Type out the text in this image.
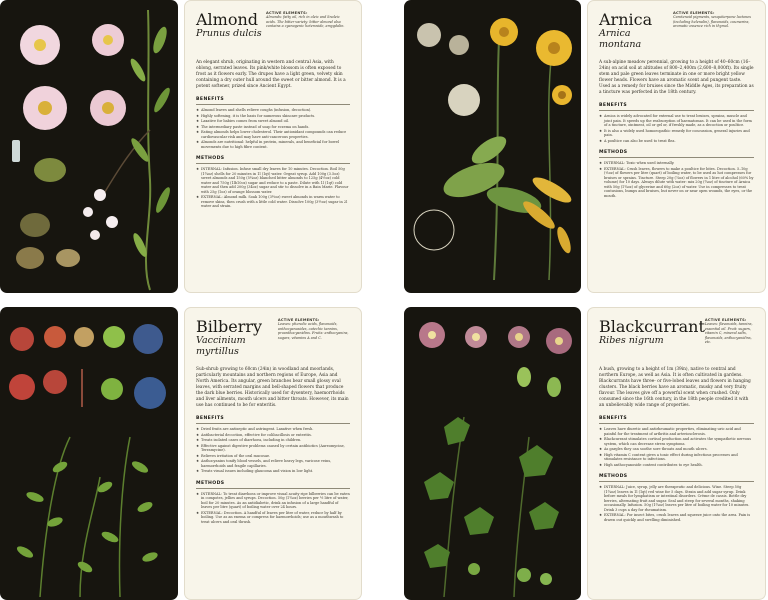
Almond
Prunus dulcis
ACTIVE ELEMENTS:
Almonds: fatty oil, rich in oleic and linoleic acids. The bitter variety: bitter almond also contains a cyanogenic heteroside, amygdalin.
An elegant shrub, originating in western and central Asia, with oblong, serrated leaves. Its pink/white blossom is often exposed to frost as it flowers early. The drupes have a light green, velvety skin containing a dry outer hull around the sweet or bitter almond. It is a potent softener, prized since Ancient Egypt.
BENEFITS
★ Almond leaves and shells relieve coughs (infusion, decoction).
★ Highly softening, it is the basis for numerous skincare products.
★ Laxative for babies comes from sweet almond oil.
★ The intermediary paste instead of soap for eczema on hands.
★ Eating almonds helps lower cholesterol. Their antioxidant compounds can reduce cardiovascular risk and may have anti-cancerous properties.
★ Almonds are nutritional: helpful in protein, minerals, and beneficial for bowel movements due to high fibre content.
METHODS
★ INTERNAL: Infusion. Infuse small dry leaves for 10 minutes. Decoction. Boil 50g (1¾oz) shells for 20 minutes in 1l (1qt) water. Orgeat syrup. Add 100g (3.5oz) sweet almonds and 150g (5¼oz) blanched bitter almonds to 125g (4½oz) cold water and 750g (1lb10oz) sugar and reduce to a paste. Dilute with 1l (1qt) cold water and then add 200g (34oz) sugar and stir to dissolve in a Bain Marie. Flavour with 25g (1oz) of orange blossom water.
★ EXTERNAL: Almond milk. Soak 100g (3½oz) sweet almonds in warm water to remove skins, then crush with a little cold water. Dissolve 100g (3½oz) sugar in 2l water and strain.
Arnica
Arnica montana
ACTIVE ELEMENTS:
Carotenoid pigments, sesquiterpene lactones (including helenalin), flavonoids, coumarins, aromatic essence rich in thymol.
A sub-alpine meadow perennial, growing to a height of 40–60cm (16–24in) on acid soil at altitudes of 800–2,400m (2,600–8,000ft). Its single stem and pale green leaves terminate in one or more bright yellow flower heads. Flowers have an aromatic scent and pungent taste. Used as a remedy for bruises since the Middle Ages, its preparation as a tincture was perfected in the 18th century.
BENEFITS
★ Arnica is widely advocated for external use to treat bruises, sprains, muscle and joint pain. It speeds up the reabsorption of haematomas. It can be used in the form of a tincture, ointment, oil or gel or, if freshly made, as a decoction or poultice.
★ It is also a widely used homoeopathic remedy for concussion, general injuries and pain.
★ A poultice can also be used to treat flea.
METHODS
★ INTERNAL: Toxic when used internally.
★ EXTERNAL: Crush leaves, flowers to make a poultice for bites. Decoction. 5–10g (⅛oz) of flowers per litre (quart) of boiling water, to be used as hot compresses for bruises or sprains. Tincture. Steep 20g (⅞oz) of flowers in 1 litre of alcohol (60% by volume) for 10 days. Always dilute with water: mix 20g (¾oz) of tincture of Arnica with 50g (1¾oz) of glycerine and 60g (2oz) of water. Use in compresses to treat contusions, bumps and bruises, but never on or near open wounds, the eyes, or the mouth.
Bilberry
Vaccinium myrtillus
ACTIVE ELEMENTS:
Leaves: phenolic acids, flavonoids, anthocyanosides, catechic tannins, proanthocyanidins. Fruits: anthocyanins, sugars, vitamins A and C.
Sub-shrub growing to 60cm (24in) in woodland and moorlands, particularly mountains and northern regions of Europe, Asia and North America. Its angular, green branches bear small glossy oval leaves, with serrated margins and bell-shaped flowers that produce the dark blue berries. Historically used for dysentery, haemorrhoids and liver ailments, mouth ulcers and bitter throats. However, its main use has continued to be for enteritis.
BENEFITS
★ Dried fruits are antiseptic and astringent. Laxative when fresh.
★ Antibacterial decoction, effective for colibacillosis or enteritis.
★ Treats isolated cases of diarrhoea, including in children.
★ Effective against digestive problems caused by certain antibiotics (Aureomycine, Terramycine).
★ Relieves irritation of the oral mucosae.
★ Anthocyanins tonify blood vessels, and relieve heavy legs, varicose veins, haemorrhoids and fragile capillaries.
★ Treats visual issues including glaucoma and vision in low light.
METHODS
★ INTERNAL: To treat diarrhoea or improve visual acuity ripe bilberries can be eaten in compotes, jellies and syrups. Decoction. 50g (1¾oz) berries per ½ litre of water, boil for 20 minutes. As an antidiabetic, drink an infusion of a large handful of leaves per litre (quart) of boiling water over 24 hours.
★ EXTERNAL: Decoction. A handful of leaves per litre of water, reduce by half by boiling. Use as an enema or compress for haemorrhoids; use as a mouthwash to treat ulcers and oral thrush.
Blackcurrant
Ribes nigrum
ACTIVE ELEMENTS:
Leaves: flavonoids, tannins, essential oil. Fruit: sugars, vitamin C, mineral salts, flavonoids, anthocyanidins, etc.
A bush, growing to a height of 1m (39in), native to central and northern Europe, as well as Asia. It is often cultivated in gardens. Blackcurrants have three- or five-lobed leaves and flowers in hanging clusters. The black berries have an aromatic, musky and very fruity flavour. The leaves give off a powerful scent when crushed. Only consumed since the 16th century, in the 18th people credited it with an unbelievably wide range of properties.
BENEFITS
★ Leaves have diuretic and antirheumatic properties, eliminating uric acid and painful for the treatment of arthritis and arteriosclerosis.
★ Blackcurrant stimulates cortisol production and activates the sympathetic nervous system, which can decrease stress symptoms.
★ As gargles they can soothe sore throats and mouth ulcers.
★ High vitamin C content gives a tonic effect during infectious processes and stimulates resistance to infections.
★ High anthocyanoside content contributes to eye health.
METHODS
★ INTERNAL: Juice, syrup, jelly are therapeutic and delicious. Wine. Steep 50g (1¾oz) leaves in 1l (1qt) red wine for 5 days. Strain and add sugar syrup. Drink before meals for lymphatism or intestinal disorders. Crème de cassis. Bottle dry berries, alternating fruit and sugar. Seal and steep for several months, shaking occasionally. Infusion. 50g (1¾oz) leaves per litre of boiling water for 10 minutes. Drink 3 cups a day for rheumatism.
★ EXTERNAL: For insect bites, crush leaves and squeeze juice onto the area. Pain is drawn out quickly and swelling diminished.
